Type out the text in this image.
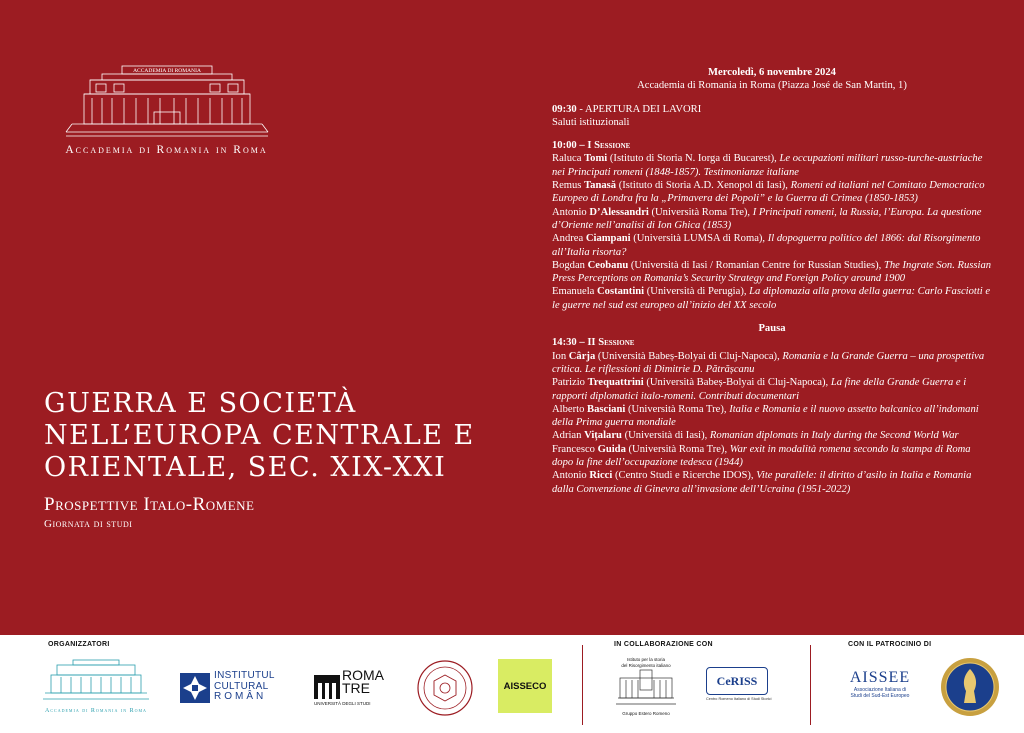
ACCADEMIA DI ROMANIA
Accademia di Romania in Roma
GUERRA E SOCIETÀ NELL’EUROPA CENTRALE E ORIENTALE, SEC. XIX-XXI
Prospettive Italo-Romene
Giornata di studi
Mercoledì, 6 novembre 2024
Accademia di Romania in Roma (Piazza José de San Martin, 1)
09:30 - APERTURA DEI LAVORI
Saluti istituzionali
10:00 – I Sessione
Raluca Tomi (Istituto di Storia N. Iorga di Bucarest), Le occupazioni militari russo-turche-austriache nei Principati romeni (1848-1857). Testimonianze italiane
Remus Tanasă (Istituto di Storia A.D. Xenopol di Iasi), Romeni ed italiani nel Comitato Democratico Europeo di Londra fra la „Primavera dei Popoli” e la Guerra di Crimea (1850-1853)
Antonio D’Alessandri (Università Roma Tre), I Principati romeni, la Russia, l’Europa. La questione d’Oriente nell’analisi di Ion Ghica (1853)
Andrea Ciampani (Università LUMSA di Roma), Il dopoguerra politico del 1866: dal Risorgimento all’Italia risorta?
Bogdan Ceobanu (Università di Iasi / Romanian Centre for Russian Studies), The Ingrate Son. Russian Press Perceptions on Romania’s Security Strategy and Foreign Policy around 1900
Emanuela Costantini (Università di Perugia), La diplomazia alla prova della guerra: Carlo Fasciotti e le guerre nel sud est europeo all’inizio del XX secolo
Pausa
14:30 – II Sessione
Ion Cârja (Università Babeș-Bolyai di Cluj-Napoca), Romania e la Grande Guerra – una prospettiva critica. Le riflessioni di Dimitrie D. Pătrășcanu
Patrizio Trequattrini (Università Babeș-Bolyai di Cluj-Napoca), La fine della Grande Guerra e i rapporti diplomatici italo-romeni. Contributi documentari
Alberto Basciani (Università Roma Tre), Italia e Romania e il nuovo assetto balcanico all’indomani della Prima guerra mondiale
Adrian Vițalaru (Università di Iasi), Romanian diplomats in Italy during the Second World War
Francesco Guida (Università Roma Tre), War exit in modalità romena secondo la stampa di Roma dopo la fine dell’occupazione tedesca (1944)
Antonio Ricci (Centro Studi e Ricerche IDOS), Vite parallele: il diritto d’asilo in Italia e Romania dalla Convenzione di Ginevra all’invasione dell’Ucraina (1951-2022)
ORGANIZZATORI	IN COLLABORAZIONE CON	CON IL PATROCINIO DI
Accademia di Romania in Roma
INSTITUTUL
CULTURAL
ROMÂN
ROMA
TRE
UNIVERSITÀ DEGLI STUDI
AISSECO
Istituto per la storia
del Risorgimento italiano
Gruppo Estero Romeno
CeRISS
Centro Romeno Italiano di Studi Storici
AISSEE
Associazione Italiana di
Studi del Sud-Est Europeo
